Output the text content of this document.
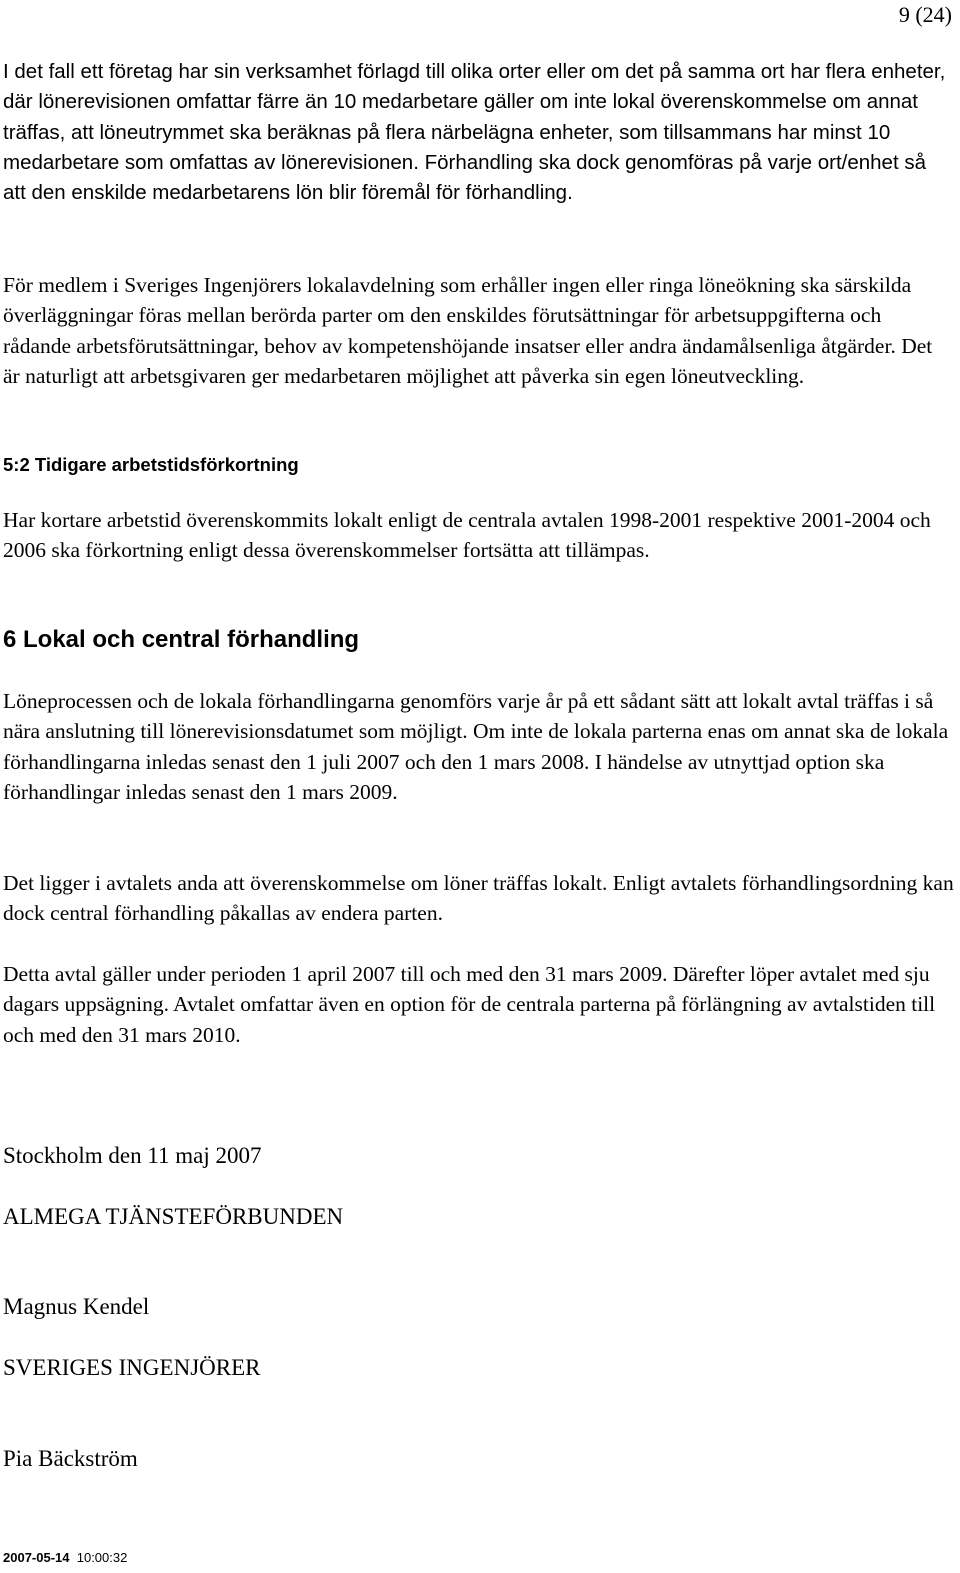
9 (24)

I det fall ett företag har sin verksamhet förlagd till olika orter eller om det på samma ort har flera enheter, där lönerevisionen omfattar färre än 10 medarbetare gäller om inte lokal överenskommelse om annat träffas, att löneutrymmet ska beräknas på flera närbelägna enheter, som tillsammans har minst 10 medarbetare som omfattas av lönerevisionen. Förhandling ska dock genomföras på varje ort/enhet så att den enskilde medarbetarens lön blir föremål för förhandling.

För medlem i Sveriges Ingenjörers lokalavdelning som erhåller ingen eller ringa löneökning ska särskilda överläggningar föras mellan berörda parter om den enskildes förutsättningar för arbetsuppgifterna och rådande arbetsförutsättningar, behov av kompetenshöjande insatser eller andra ändamålsenliga åtgärder. Det är naturligt att arbetsgivaren ger medarbetaren möjlighet att påverka sin egen löneutveckling.

5:2 Tidigare arbetstidsförkortning

Har kortare arbetstid överenskommits lokalt enligt de centrala avtalen 1998-2001 respektive 2001-2004 och 2006 ska förkortning enligt dessa överenskommelser fortsätta att tillämpas.

6 Lokal och central förhandling

Löneprocessen och de lokala förhandlingarna genomförs varje år på ett sådant sätt att lokalt avtal träffas i så nära anslutning till lönerevisionsdatumet som möjligt. Om inte de lokala parterna enas om annat ska de lokala förhandlingarna inledas senast den 1 juli 2007 och den 1 mars 2008. I händelse av utnyttjad option ska förhandlingar inledas senast den 1 mars 2009.

Det ligger i avtalets anda att överenskommelse om löner träffas lokalt. Enligt avtalets förhandlingsordning kan dock central förhandling påkallas av endera parten.

Detta avtal gäller under perioden 1 april 2007 till och med den 31 mars 2009. Därefter löper avtalet med sju dagars uppsägning. Avtalet omfattar även en option för de centrala parterna på förlängning av avtalstiden till och med den 31 mars 2010.

Stockholm den 11 maj 2007
ALMEGA TJÄNSTEFÖRBUNDEN
Magnus Kendel
SVERIGES INGENJÖRER
Pia Bäckström
2007-05-14 10:00:32
